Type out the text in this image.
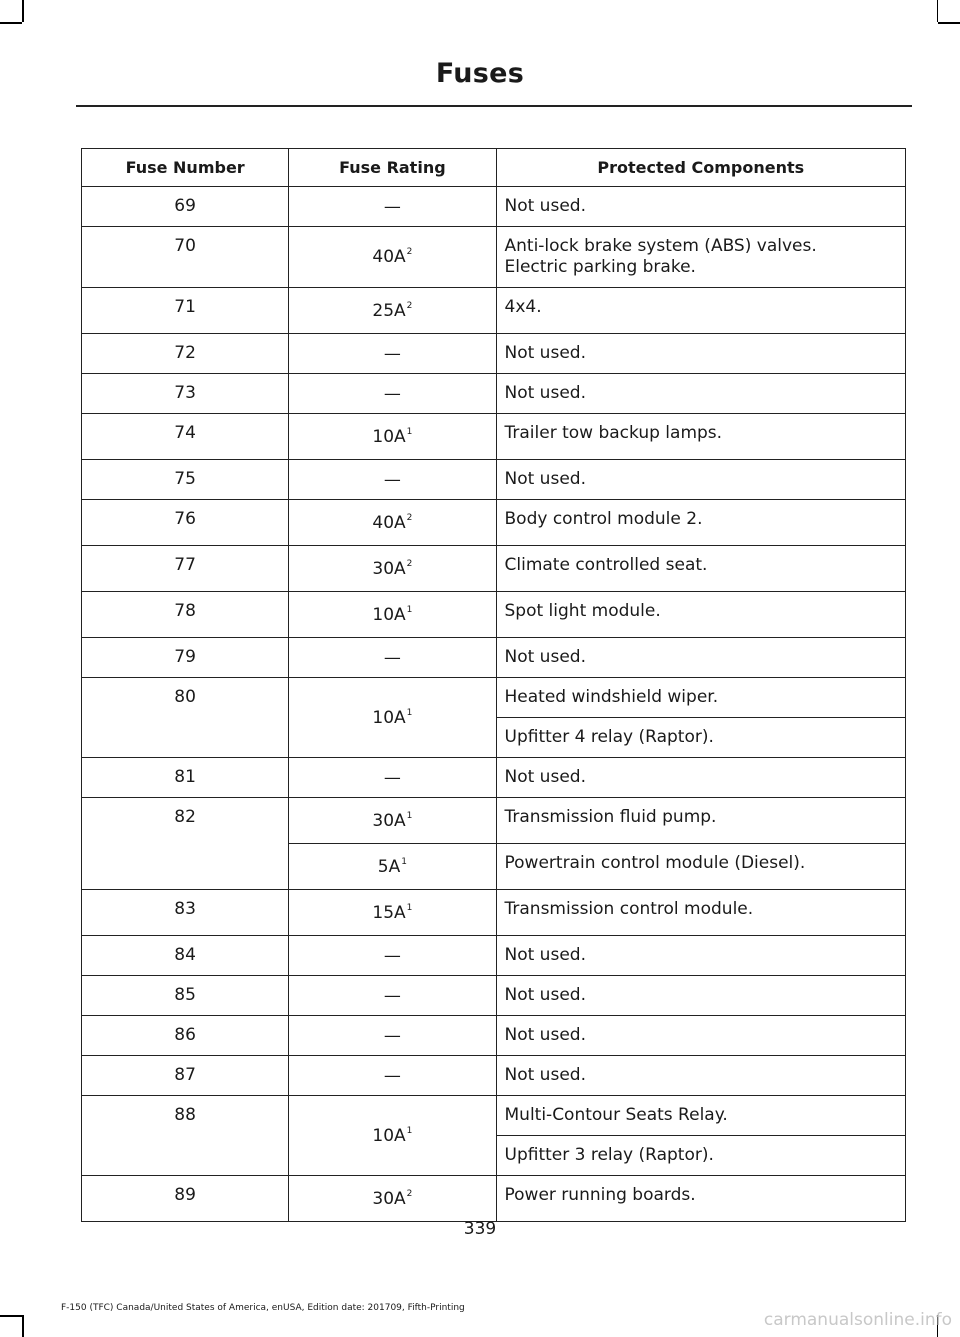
Fuses
Fuse Number	Fuse Rating	Protected Components
69	—	Not used.
70	$40A^2$	Anti-lock brake system (ABS) valves.
Electric parking brake.
71	$25A^2$	4x4.
72	—	Not used.
73	—	Not used.
74	$10A^1$	Trailer tow backup lamps.
75	—	Not used.
76	$40A^2$	Body control module 2.
77	$30A^2$	Climate controlled seat.
78	$10A^1$	Spot light module.
79	—	Not used.
80	$10A^1$	Heated windshield wiper.
		Upfitter 4 relay (Raptor).
81	—	Not used.
82	$30A^1$	Transmission fluid pump.
	$5A^1$	Powertrain control module (Diesel).
83	$15A^1$	Transmission control module.
84	—	Not used.
85	—	Not used.
86	—	Not used.
87	—	Not used.
88	$10A^1$	Multi-Contour Seats Relay.
		Upfitter 3 relay (Raptor).
89	$30A^2$	Power running boards.
339
F-150 (TFC) Canada/United States of America, enUSA, Edition date: 201709, Fifth-Printing
carmanualsonline.info
